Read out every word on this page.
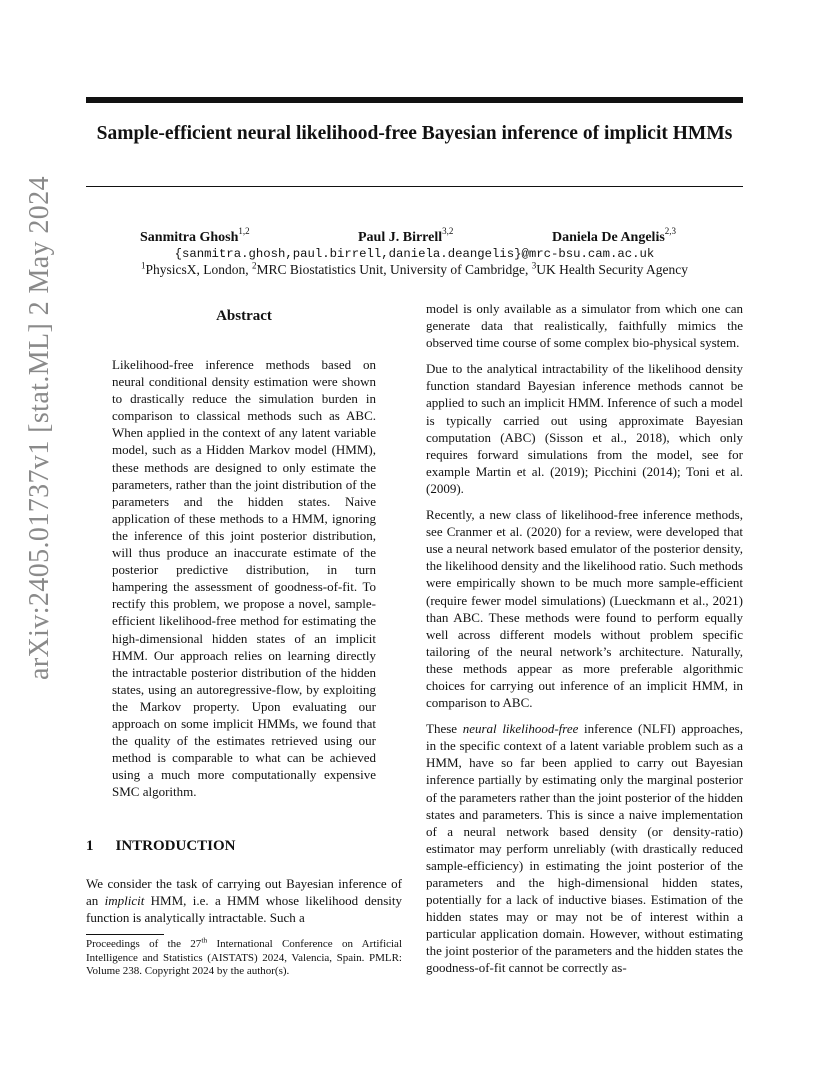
Sample-efficient neural likelihood-free Bayesian inference of implicit HMMs
Sanmitra Ghosh$^{1,2}$	Paul J. Birrell$^{3,2}$	Daniela De Angelis$^{2,3}$
{sanmitra.ghosh,paul.birrell,daniela.deangelis}@mrc-bsu.cam.ac.uk
$^1$PhysicsX, London, $^2$MRC Biostatistics Unit, University of Cambridge, $^3$UK Health Security Agency
arXiv:2405.01737v1 [stat.ML] 2 May 2024	Abstract

Likelihood-free inference methods based on neural conditional density estimation were shown to drastically reduce the simulation burden in comparison to classical methods such as ABC. When applied in the context of any latent variable model, such as a Hidden Markov model (HMM), these methods are designed to only estimate the parameters, rather than the joint distribution of the parameters and the hidden states. Naive application of these methods to a HMM, ignoring the inference of this joint posterior distribution, will thus produce an inaccurate estimate of the posterior predictive distribution, in turn hampering the assessment of goodness-of-fit. To rectify this problem, we propose a novel, sample-efficient likelihood-free method for estimating the high-dimensional hidden states of an implicit HMM. Our approach relies on learning directly the intractable posterior distribution of the hidden states, using an autoregressive-flow, by exploiting the Markov property. Upon evaluating our approach on some implicit HMMs, we found that the quality of the estimates retrieved using our method is comparable to what can be achieved using a much more computationally expensive SMC algorithm.

1 INTRODUCTION

We consider the task of carrying out Bayesian inference of an implicit HMM, i.e. a HMM whose likelihood density function is analytically intractable. Such a

Proceedings of the 27th International Conference on Artificial Intelligence and Statistics (AISTATS) 2024, Valencia, Spain. PMLR: Volume 238. Copyright 2024 by the author(s).

model is only available as a simulator from which one can generate data that realistically, faithfully mimics the observed time course of some complex bio-physical system.

Due to the analytical intractability of the likelihood density function standard Bayesian inference methods cannot be applied to such an implicit HMM. Inference of such a model is typically carried out using approximate Bayesian computation (ABC) (Sisson et al., 2018), which only requires forward simulations from the model, see for example Martin et al. (2019); Picchini (2014); Toni et al. (2009).

Recently, a new class of likelihood-free inference methods, see Cranmer et al. (2020) for a review, were developed that use a neural network based emulator of the posterior density, the likelihood density and the likelihood ratio. Such methods were empirically shown to be much more sample-efficient (require fewer model simulations) (Lueckmann et al., 2021) than ABC. These methods were found to perform equally well across different models without problem specific tailoring of the neural network’s architecture. Naturally, these methods appear as more preferable algorithmic choices for carrying out inference of an implicit HMM, in comparison to ABC.

These neural likelihood-free inference (NLFI) approaches, in the specific context of a latent variable problem such as a HMM, have so far been applied to carry out Bayesian inference partially by estimating only the marginal posterior of the parameters rather than the joint posterior of the hidden states and parameters. This is since a naive implementation of a neural network based density (or density-ratio) estimator may perform unreliably (with drastically reduced sample-efficiency) in estimating the joint posterior of the parameters and the high-dimensional hidden states, potentially for a lack of inductive biases. Estimation of the hidden states may or may not be of interest within a particular application domain. However, without estimating the joint posterior of the parameters and the hidden states the goodness-of-fit cannot be correctly as-
